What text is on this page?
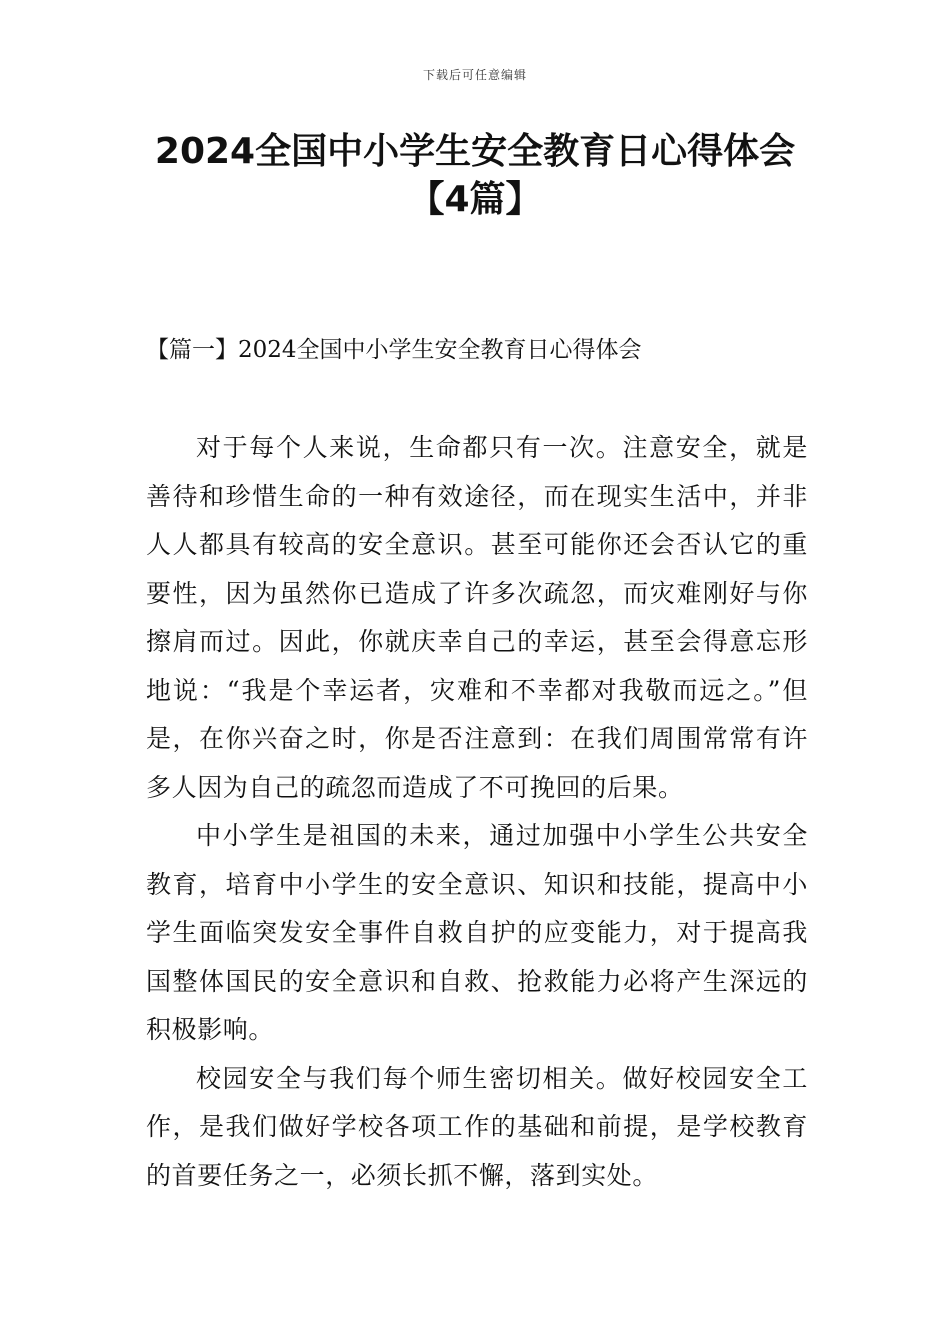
下载后可任意编辑
2024全国中小学生安全教育日心得体会【4篇】
【篇一】2024全国中小学生安全教育日心得体会

对于每个人来说，生命都只有一次。注意安全，就是善待和珍惜生命的一种有效途径，而在现实生活中，并非人人都具有较高的安全意识。甚至可能你还会否认它的重要性，因为虽然你已造成了许多次疏忽，而灾难刚好与你擦肩而过。因此，你就庆幸自己的幸运，甚至会得意忘形地说：“我是个幸运者，灾难和不幸都对我敬而远之。”但是，在你兴奋之时，你是否注意到：在我们周围常常有许多人因为自己的疏忽而造成了不可挽回的后果。

中小学生是祖国的未来，通过加强中小学生公共安全教育，培育中小学生的安全意识、知识和技能，提高中小学生面临突发安全事件自救自护的应变能力，对于提高我国整体国民的安全意识和自救、抢救能力必将产生深远的积极影响。

校园安全与我们每个师生密切相关。做好校园安全工作，是我们做好学校各项工作的基础和前提，是学校教育的首要任务之一，必须长抓不懈，落到实处。
